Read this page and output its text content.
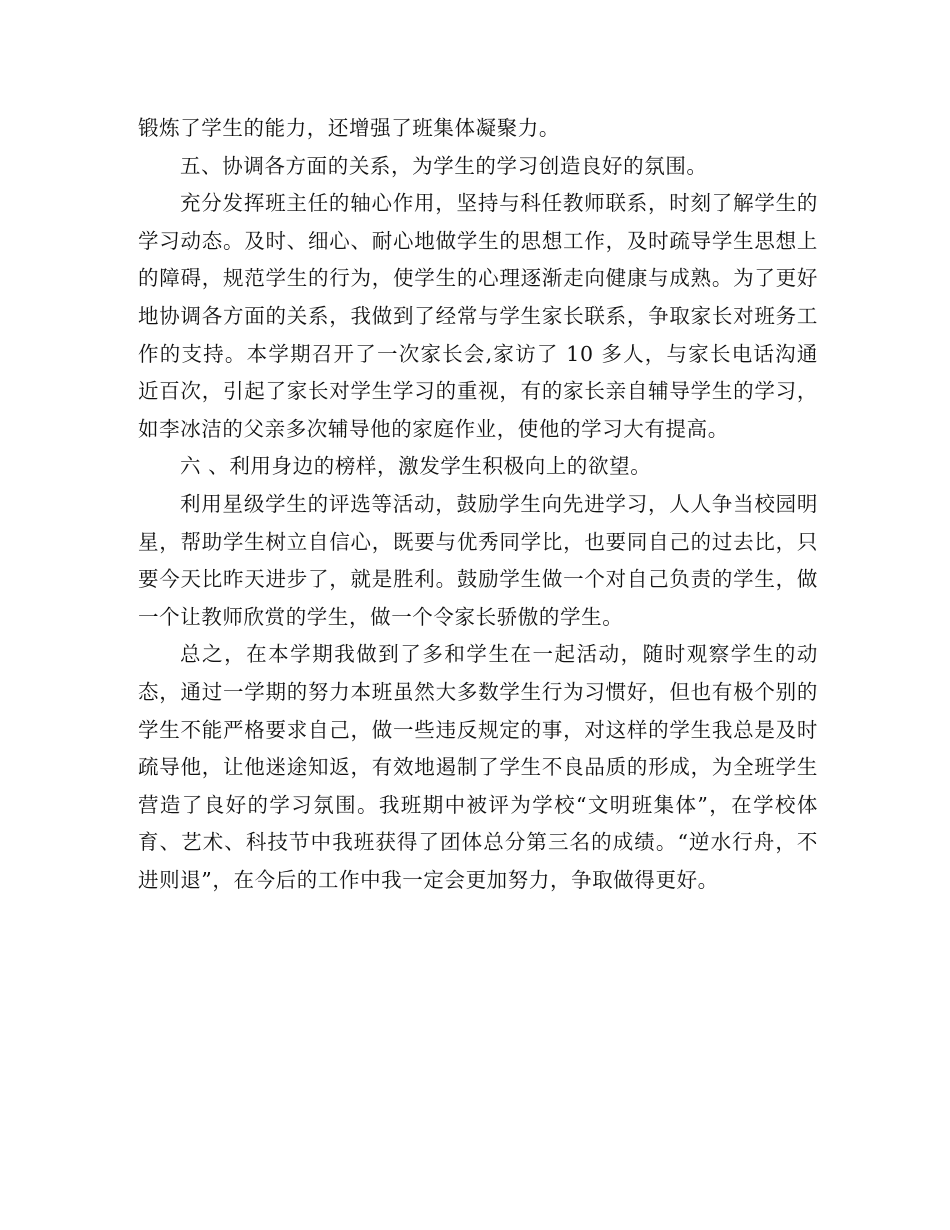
锻炼了学生的能力，还增强了班集体凝聚力。

五、协调各方面的关系，为学生的学习创造良好的氛围。

充分发挥班主任的轴心作用，坚持与科任教师联系，时刻了解学生的学习动态。及时、细心、耐心地做学生的思想工作，及时疏导学生思想上的障碍，规范学生的行为，使学生的心理逐渐走向健康与成熟。为了更好地协调各方面的关系，我做到了经常与学生家长联系，争取家长对班务工作的支持。本学期召开了一次家长会,家访了 10 多人，与家长电话沟通近百次，引起了家长对学生学习的重视，有的家长亲自辅导学生的学习，如李冰洁的父亲多次辅导他的家庭作业，使他的学习大有提高。

六 、利用身边的榜样，激发学生积极向上的欲望。

利用星级学生的评选等活动，鼓励学生向先进学习，人人争当校园明星，帮助学生树立自信心，既要与优秀同学比，也要同自己的过去比，只要今天比昨天进步了，就是胜利。鼓励学生做一个对自己负责的学生，做一个让教师欣赏的学生，做一个令家长骄傲的学生。

总之，在本学期我做到了多和学生在一起活动，随时观察学生的动态，通过一学期的努力本班虽然大多数学生行为习惯好，但也有极个别的学生不能严格要求自己，做一些违反规定的事，对这样的学生我总是及时疏导他，让他迷途知返，有效地遏制了学生不良品质的形成，为全班学生营造了良好的学习氛围。我班期中被评为学校“文明班集体”，在学校体育、艺术、科技节中我班获得了团体总分第三名的成绩。“逆水行舟，不进则退”，在今后的工作中我一定会更加努力，争取做得更好。
